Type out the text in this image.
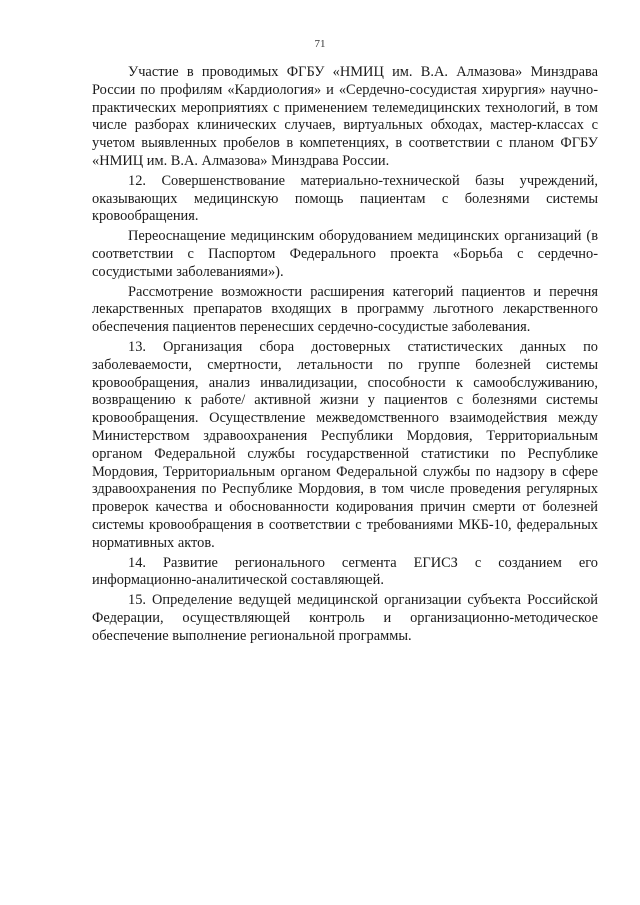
71

Участие в проводимых ФГБУ «НМИЦ им. В.А. Алмазова» Минздрава России по профилям «Кардиология» и «Сердечно-сосудистая хирургия» научно-практических мероприятиях с применением телемедицинских технологий, в том числе разборах клинических случаев, виртуальных обходах, мастер-классах с учетом выявленных пробелов в компетенциях, в соответствии с планом ФГБУ «НМИЦ им. В.А. Алмазова» Минздрава России.

12. Совершенствование материально-технической базы учреждений, оказывающих медицинскую помощь пациентам с болезнями системы кровообращения.

Переоснащение медицинским оборудованием медицинских организаций (в соответствии с Паспортом Федерального проекта «Борьба с сердечно-сосудистыми заболеваниями»).

Рассмотрение возможности расширения категорий пациентов и перечня лекарственных препаратов входящих в программу льготного лекарственного обеспечения пациентов перенесших сердечно-сосудистые заболевания.

13. Организация сбора достоверных статистических данных по заболеваемости, смертности, летальности по группе болезней системы кровообращения, анализ инвалидизации, способности к самообслуживанию, возвращению к работе/ активной жизни у пациентов с болезнями системы кровообращения. Осуществление межведомственного взаимодействия между Министерством здравоохранения Республики Мордовия, Территориальным органом Федеральной службы государственной статистики по Республике Мордовия, Территориальным органом Федеральной службы по надзору в сфере здравоохранения по Республике Мордовия, в том числе проведения регулярных проверок качества и обоснованности кодирования причин смерти от болезней системы кровообращения в соответствии с требованиями МКБ-10, федеральных нормативных актов.

14. Развитие регионального сегмента ЕГИСЗ с созданием его информационно-аналитической составляющей.

15. Определение ведущей медицинской организации субъекта Российской Федерации, осуществляющей контроль и организационно-методическое обеспечение выполнение региональной программы.
